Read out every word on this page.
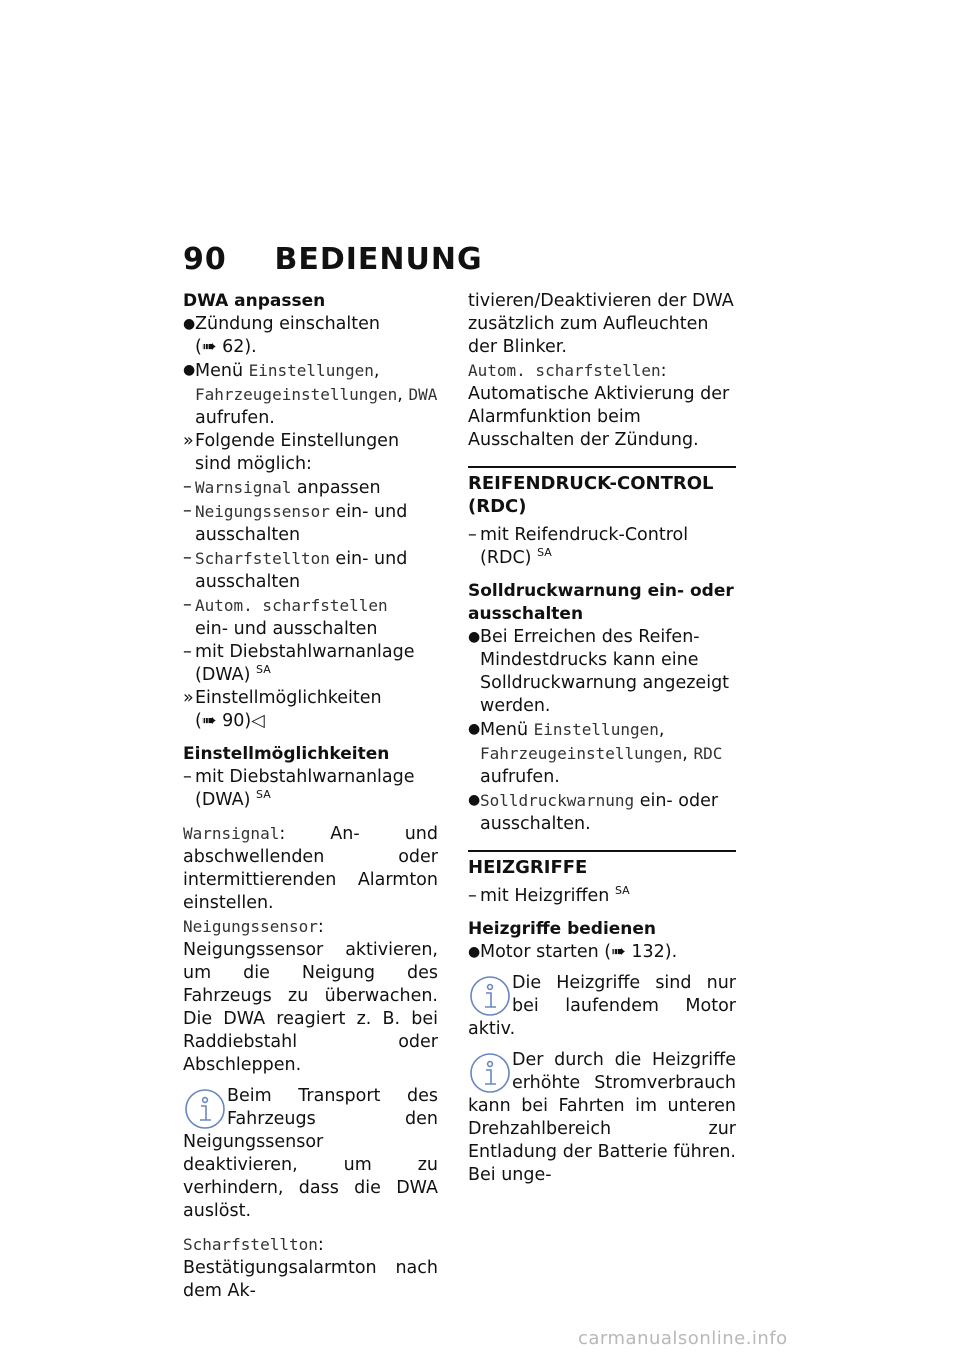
90 BEDIENUNG

DWA anpassen

● Zündung einschalten (➠ 62).
● Menü Einstellungen, Fahrzeugeinstellungen, DWA aufrufen.
» Folgende Einstellungen sind möglich:
– Warnsignal anpassen
– Neigungssensor ein- und ausschalten
– Scharfstellton ein- und ausschalten
– Autom. scharfstellen
ein- und ausschalten
– mit Diebstahlwarnanlage (DWA) $^{SA}$
» Einstellmöglichkeiten (➠ 90)◁

Einstellmöglichkeiten

– mit Diebstahlwarnanlage (DWA) $^{SA}$

Warnsignal: An- und abschwellenden oder intermittierenden Alarmton einstellen.

Neigungssensor: Neigungssensor aktivieren, um die Neigung des Fahrzeugs zu überwachen. Die DWA reagiert z. B. bei Raddiebstahl oder Abschleppen.

Beim Transport des Fahrzeugs den Neigungssensor deaktivieren, um zu verhindern, dass die DWA auslöst.

Scharfstellton: Bestätigungsalarmton nach dem Ak-

tivieren/Deaktivieren der DWA zusätzlich zum Aufleuchten der Blinker.

Autom. scharfstellen: Automatische Aktivierung der Alarmfunktion beim Ausschalten der Zündung.

REIFENDRUCK-CONTROL (RDC)
– mit Reifendruck-Control (RDC) $^{SA}$

Solldruckwarnung ein- oder ausschalten

● Bei Erreichen des Reifen-Mindestdrucks kann eine Solldruckwarnung angezeigt werden.
● Menü Einstellungen, Fahrzeugeinstellungen, RDC aufrufen.
● Solldruckwarnung ein- oder ausschalten.
HEIZGRIFFE
– mit Heizgriffen $^{SA}$

Heizgriffe bedienen

● Motor starten (➠ 132).
Die Heizgriffe sind nur bei laufendem Motor aktiv.
Der durch die Heizgriffe erhöhte Stromverbrauch kann bei Fahrten im unteren Drehzahlbereich zur Entladung der Batterie führen. Bei unge-
carmanualsonline.info
